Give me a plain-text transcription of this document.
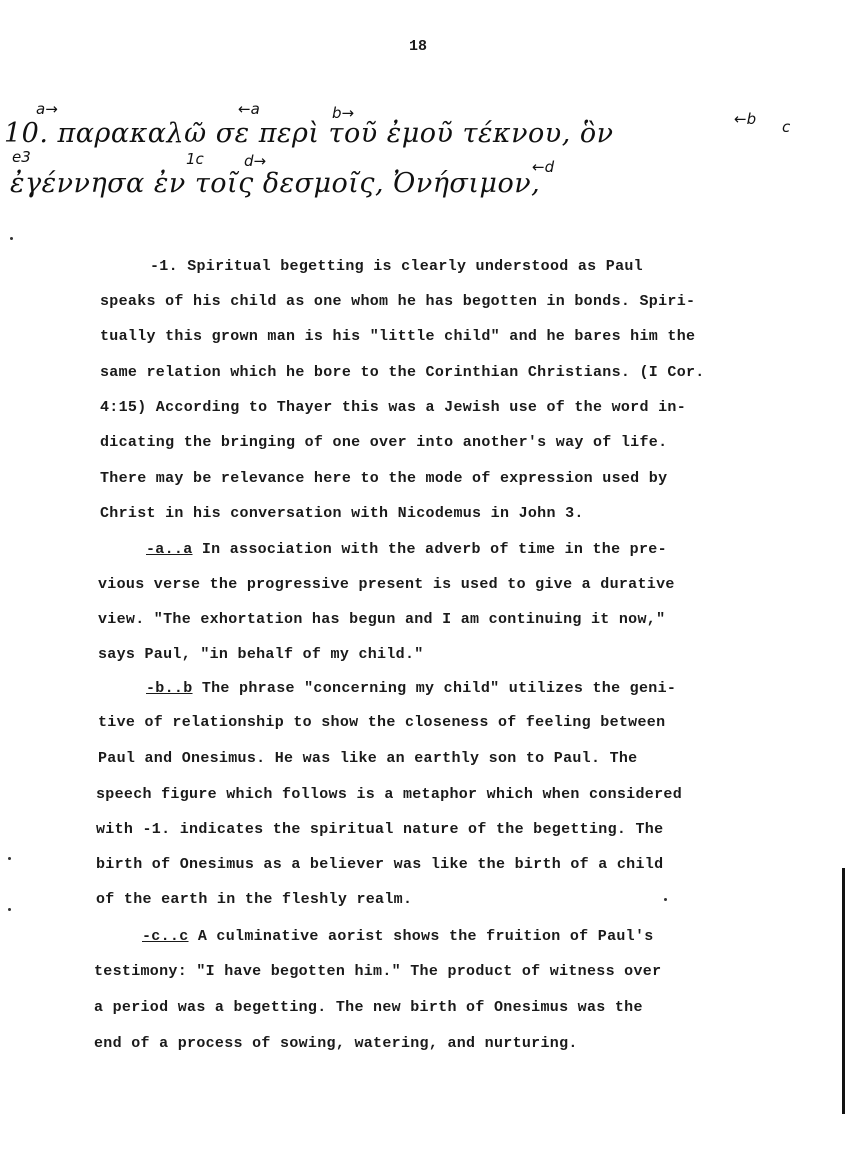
18
10. παρακαλῶ σε περὶ τοῦ ἐμοῦ τέκνου, ὃν
ἐγέννησα ἐν τοῖς δεσμοῖς, Ὀνήσιμον,
a→	←a	b→	←b c
e3	1c	d→	←d
-1. Spiritual begetting is clearly understood as Paul
speaks of his child as one whom he has begotten in bonds. Spiri-
tually this grown man is his "little child" and he bares him the
same relation which he bore to the Corinthian Christians. (I Cor.
4:15) According to Thayer this was a Jewish use of the word in-
dicating the bringing of one over into another's way of life.
There may be relevance here to the mode of expression used by
Christ in his conversation with Nicodemus in John 3.
-a..a In association with the adverb of time in the pre-
vious verse the progressive present is used to give a durative
view. "The exhortation has begun and I am continuing it now,"
says Paul, "in behalf of my child."
-b..b The phrase "concerning my child" utilizes the geni-
tive of relationship to show the closeness of feeling between
Paul and Onesimus. He was like an earthly son to Paul. The
speech figure which follows is a metaphor which when considered
with -1. indicates the spiritual nature of the begetting. The
birth of Onesimus as a believer was like the birth of a child
of the earth in the fleshly realm.
-c..c A culminative aorist shows the fruition of Paul's
testimony: "I have begotten him." The product of witness over
a period was a begetting. The new birth of Onesimus was the
end of a process of sowing, watering, and nurturing.
